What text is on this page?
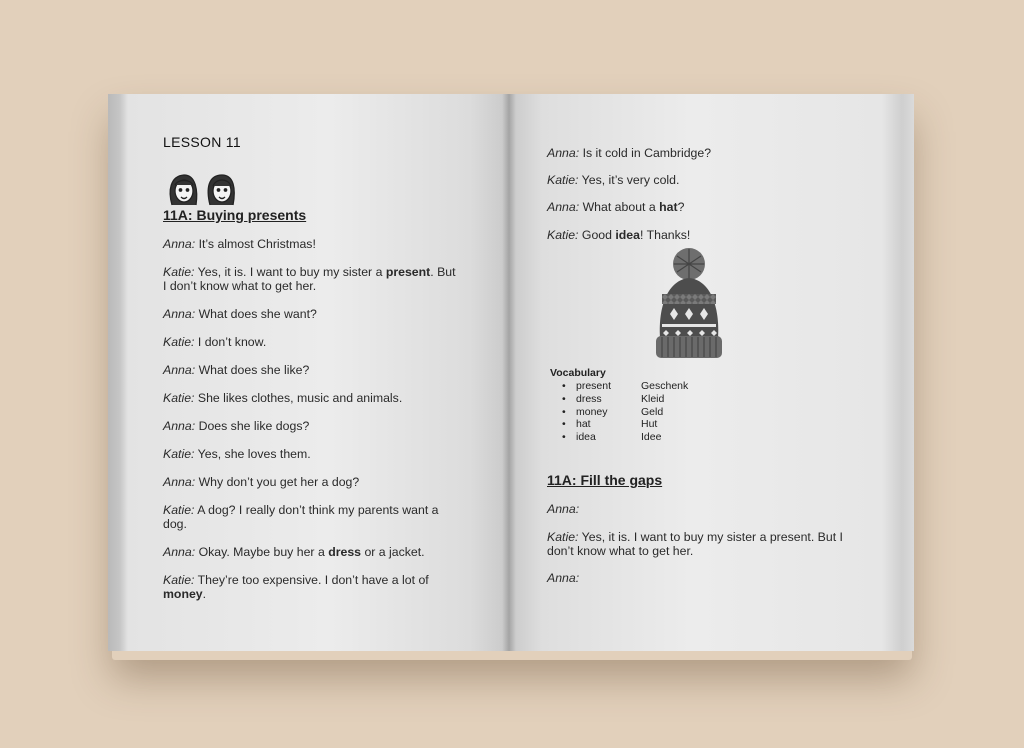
LESSON 11
11A: Buying presents
Anna: It’s almost Christmas!
Katie: Yes, it is. I want to buy my sister a present. But
I don’t know what to get her.
Anna: What does she want?
Katie: I don’t know.
Anna: What does she like?
Katie: She likes clothes, music and animals.
Anna: Does she like dogs?
Katie: Yes, she loves them.
Anna: Why don’t you get her a dog?
Katie: A dog? I really don’t think my parents want a
dog.
Anna: Okay. Maybe buy her a dress or a jacket.
Katie: They’re too expensive. I don’t have a lot of
money.
Anna: Is it cold in Cambridge?
Katie: Yes, it’s very cold.
Anna: What about a hat?
Katie: Good idea! Thanks!
Vocabulary
•	present	Geschenk
•	dress	Kleid
•	money	Geld
•	hat	Hut
•	idea	Idee
11A: Fill the gaps
Anna:
Katie: Yes, it is. I want to buy my sister a present. But I
don’t know what to get her.
Anna:
